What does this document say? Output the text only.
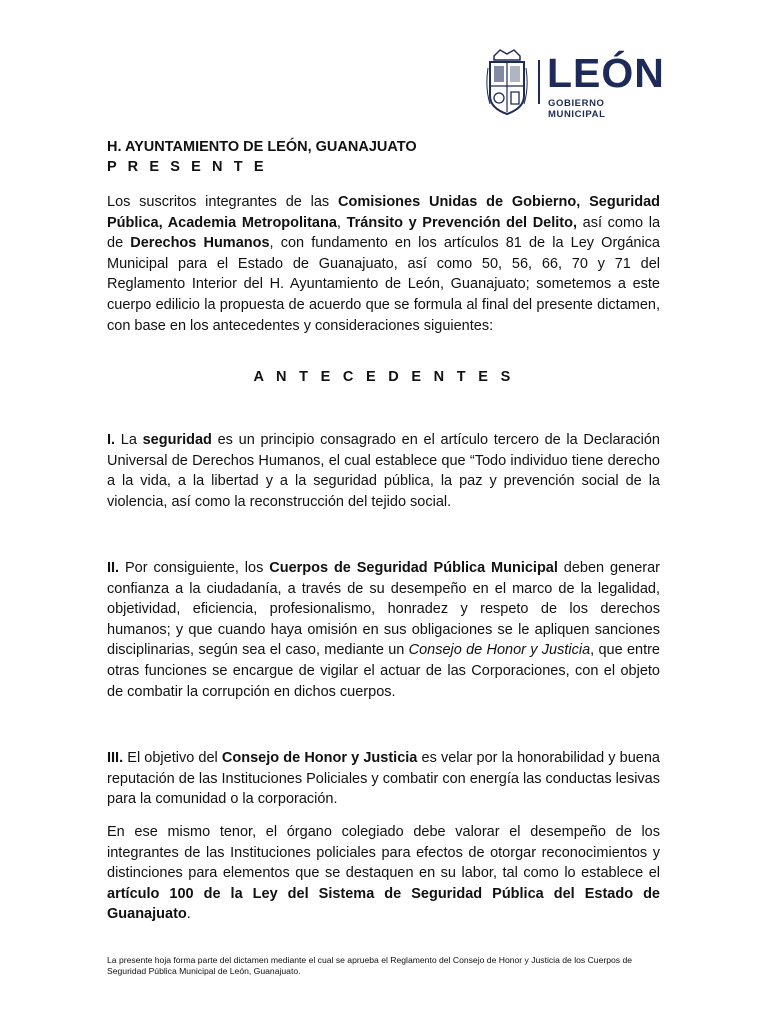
LEÓN
GOBIERNO MUNICIPAL
H. AYUNTAMIENTO DE LEÓN, GUANAJUATO
P R E S E N T E

Los suscritos integrantes de las Comisiones Unidas de Gobierno, Seguridad Pública, Academia Metropolitana, Tránsito y Prevención del Delito, así como la de Derechos Humanos, con fundamento en los artículos 81 de la Ley Orgánica Municipal para el Estado de Guanajuato, así como 50, 56, 66, 70 y 71 del Reglamento Interior del H. Ayuntamiento de León, Guanajuato; sometemos a este cuerpo edilicio la propuesta de acuerdo que se formula al final del presente dictamen, con base en los antecedentes y consideraciones siguientes:

A N T E C E D E N T E S

I. La seguridad es un principio consagrado en el artículo tercero de la Declaración Universal de Derechos Humanos, el cual establece que “Todo individuo tiene derecho a la vida, a la libertad y a la seguridad pública, la paz y prevención social de la violencia, así como la reconstrucción del tejido social.

II. Por consiguiente, los Cuerpos de Seguridad Pública Municipal deben generar confianza a la ciudadanía, a través de su desempeño en el marco de la legalidad, objetividad, eficiencia, profesionalismo, honradez y respeto de los derechos humanos; y que cuando haya omisión en sus obligaciones se le apliquen sanciones disciplinarias, según sea el caso, mediante un Consejo de Honor y Justicia, que entre otras funciones se encargue de vigilar el actuar de las Corporaciones, con el objeto de combatir la corrupción en dichos cuerpos.

III. El objetivo del Consejo de Honor y Justicia es velar por la honorabilidad y buena reputación de las Instituciones Policiales y combatir con energía las conductas lesivas para la comunidad o la corporación.

En ese mismo tenor, el órgano colegiado debe valorar el desempeño de los integrantes de las Instituciones policiales para efectos de otorgar reconocimientos y distinciones para elementos que se destaquen en su labor, tal como lo establece el artículo 100 de la Ley del Sistema de Seguridad Pública del Estado de Guanajuato.

La presente hoja forma parte del dictamen mediante el cual se aprueba el Reglamento del Consejo de Honor y Justicia de los Cuerpos de Seguridad Pública Municipal de León, Guanajuato.
